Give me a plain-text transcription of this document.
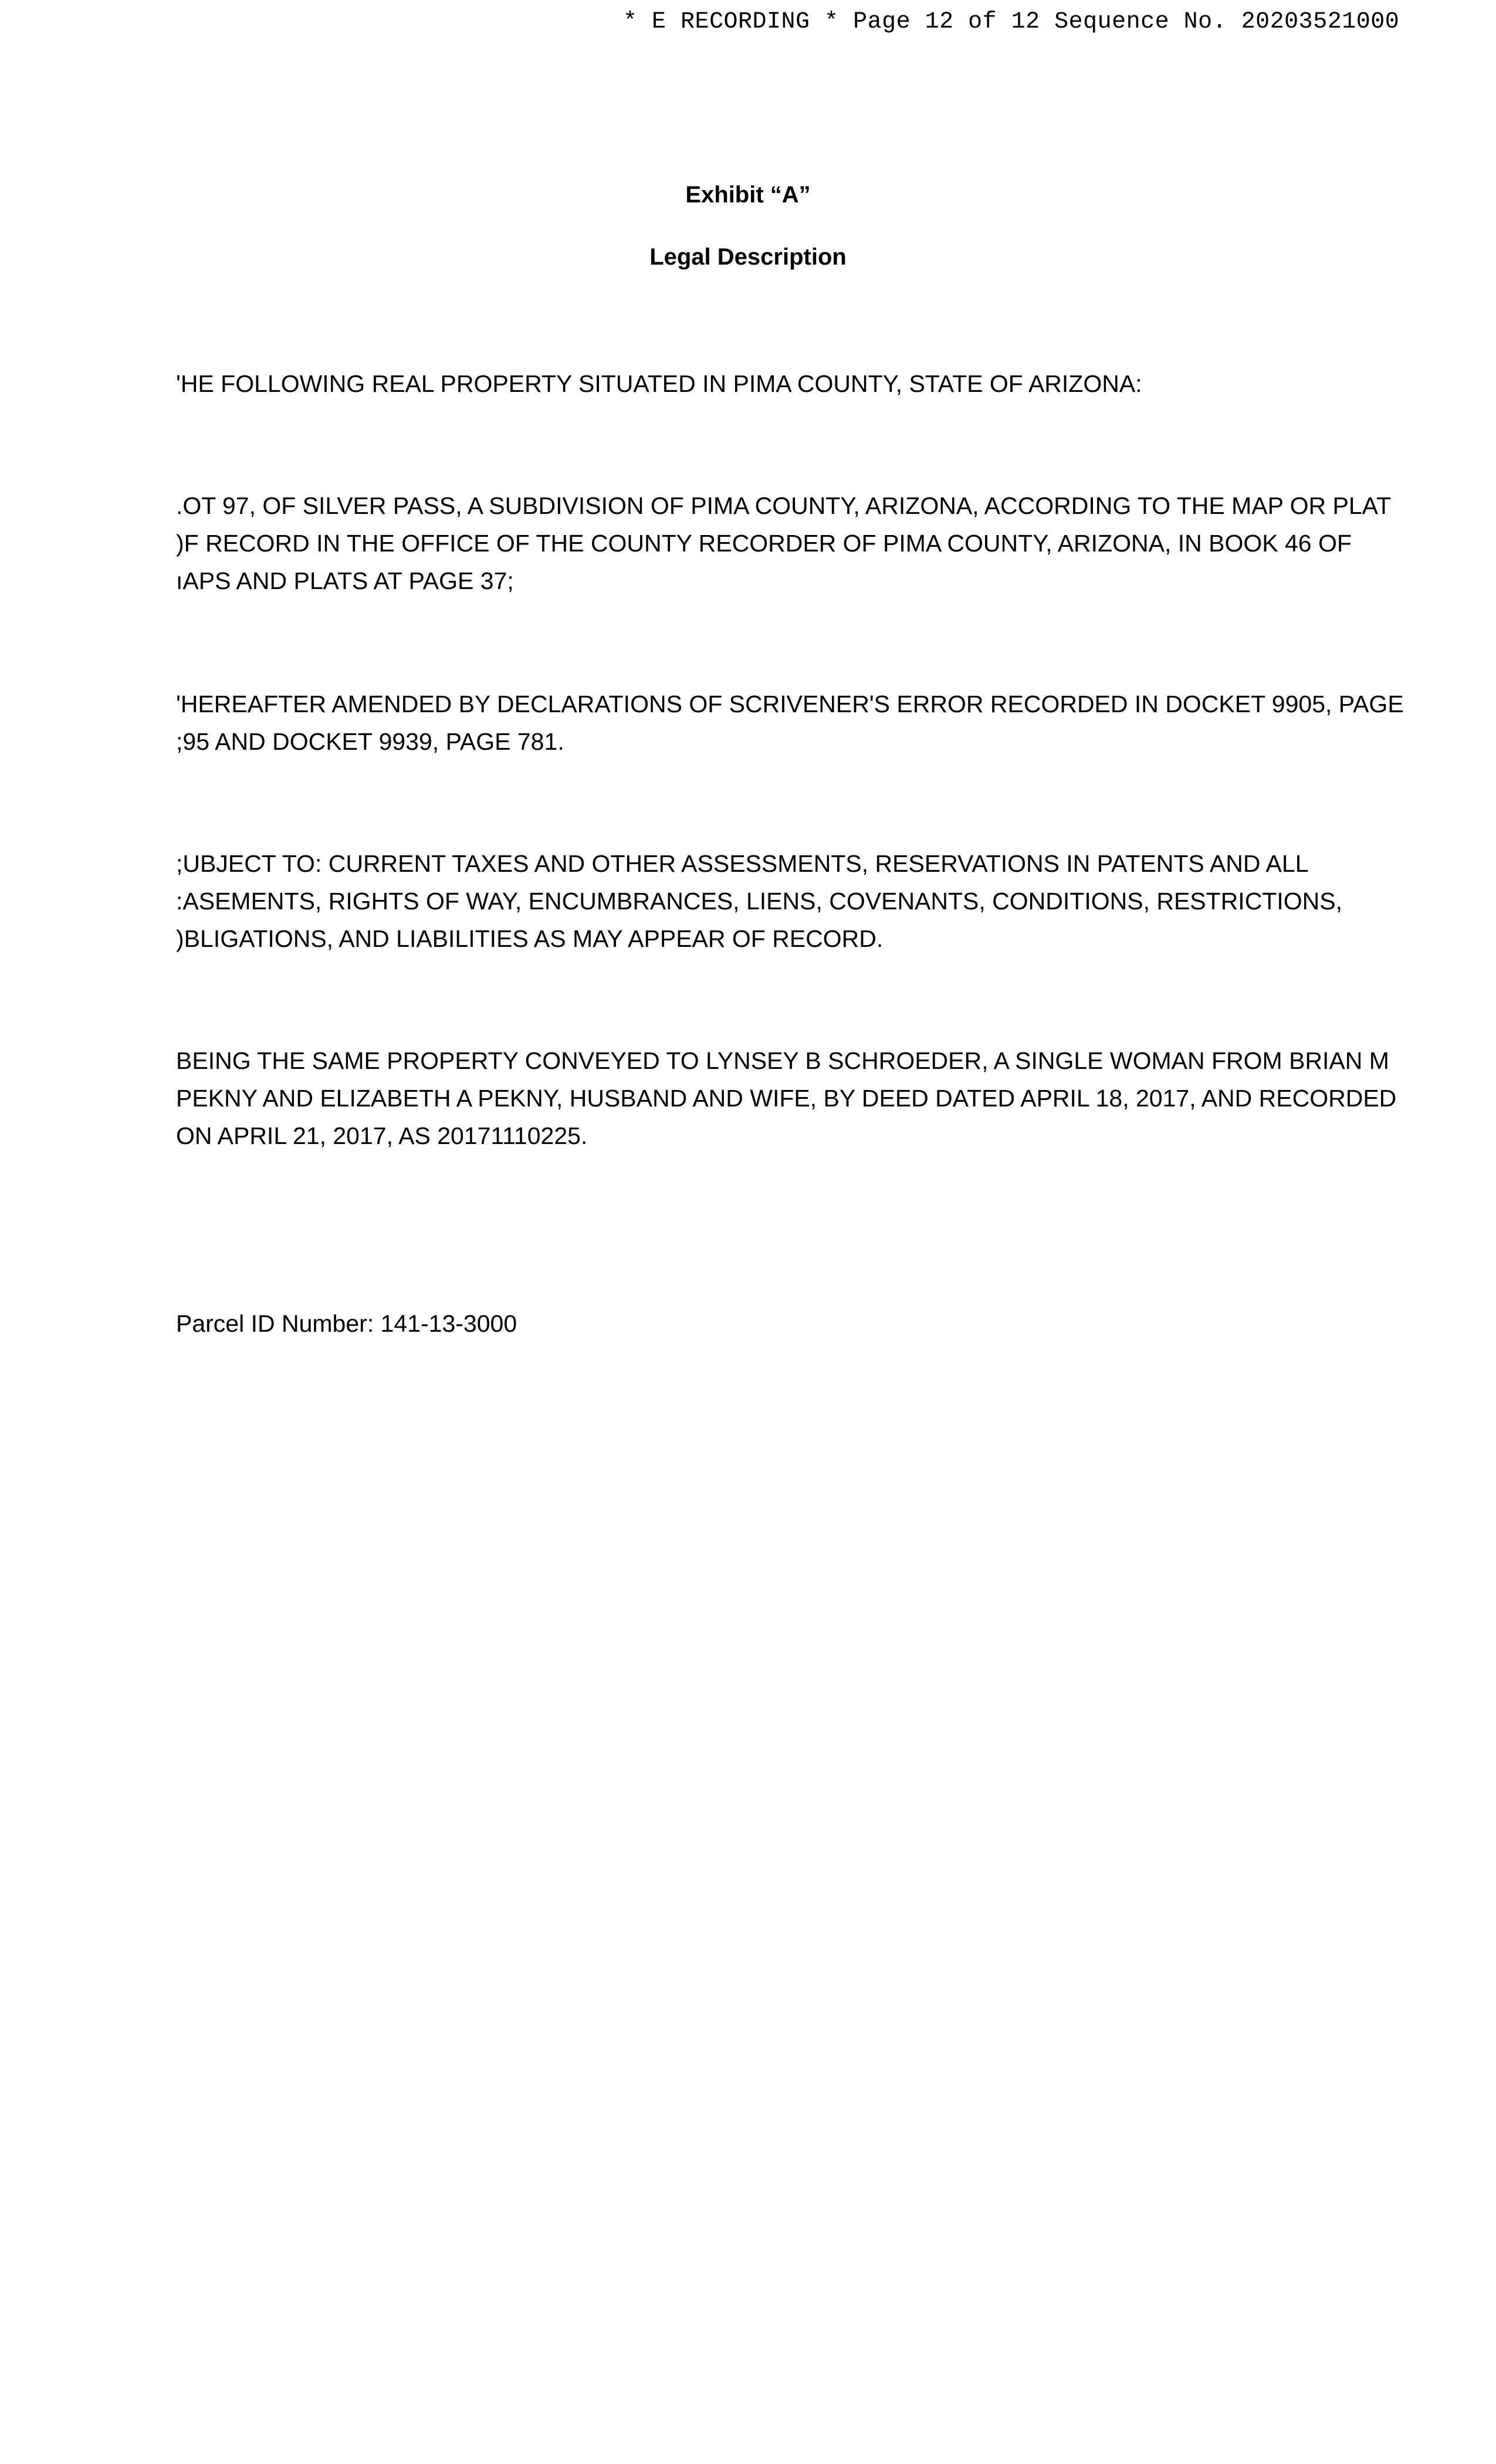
* E RECORDING * Page 12 of 12 Sequence No. 20203521000
Exhibit “A”
Legal Description

'HE FOLLOWING REAL PROPERTY SITUATED IN PIMA COUNTY, STATE OF ARIZONA:

.OT 97, OF SILVER PASS, A SUBDIVISION OF PIMA COUNTY, ARIZONA, ACCORDING TO THE MAP OR PLAT
)F RECORD IN THE OFFICE OF THE COUNTY RECORDER OF PIMA COUNTY, ARIZONA, IN BOOK 46 OF
ıAPS AND PLATS AT PAGE 37;

'HEREAFTER AMENDED BY DECLARATIONS OF SCRIVENER'S ERROR RECORDED IN DOCKET 9905, PAGE
;95 AND DOCKET 9939, PAGE 781.

;UBJECT TO: CURRENT TAXES AND OTHER ASSESSMENTS, RESERVATIONS IN PATENTS AND ALL
:ASEMENTS, RIGHTS OF WAY, ENCUMBRANCES, LIENS, COVENANTS, CONDITIONS, RESTRICTIONS,
)BLIGATIONS, AND LIABILITIES AS MAY APPEAR OF RECORD.

BEING THE SAME PROPERTY CONVEYED TO LYNSEY B SCHROEDER, A SINGLE WOMAN FROM BRIAN M
PEKNY AND ELIZABETH A PEKNY, HUSBAND AND WIFE, BY DEED DATED APRIL 18, 2017, AND RECORDED
ON APRIL 21, 2017, AS 20171110225.

Parcel ID Number: 141-13-3000
